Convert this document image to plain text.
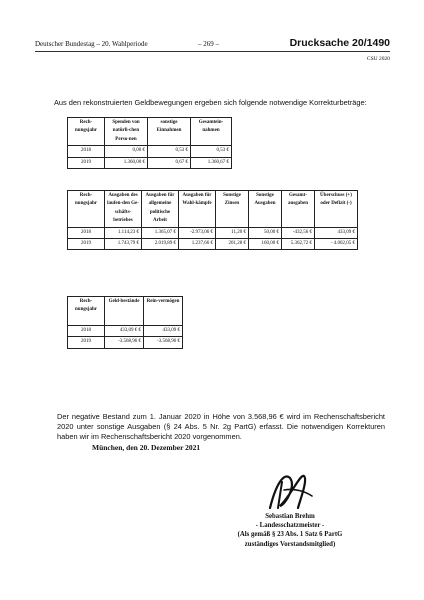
Deutscher Bundestag – 20. Wahlperiode	– 269 –	Drucksache 20/1490
CSU 2020
Aus den rekonstruierten Geldbewegungen ergeben sich folgende notwendige Korrekturbeträge:
Rech-nungsjahr	Spenden von natürli-chen Perso-nen	sonstige Einnahmen	Gesamtein-nahmen
2018	0,00 €	0,53 €	0,53 €
2019	1.360,00 €	0,67 €	1.360,67 €
Rech-nungsjahr	Ausgaben des laufen-den Ge-schäfts-betriebes	Ausgaben für allgemeine politische Arbeit	Ausgaben für Wahl-kämpfe	Sonstige Zinsen	Sonstige Ausgaben	Gesamt-ausgaben	Überschuss (+) oder Defizit (-)
2018	1.114,23 €	1.365,07 €	-2.973,06 €	11,20 €	50,00 €	-432,56 €	433,09 €
2019	1.743,79 €	2.019,89 €	1.237,66 €	201,28 €	160,00 €	5.362,72 €	- 4.002,05 €
Rech-nungsjahr	Geld-bestände	Rein-vermögen
2018	433,09 € €	433,09 €
2019	-3.568,96 €	-3.568,96 €
Der negative Bestand zum 1. Januar 2020 in Höhe von 3.568,96 € wird im Rechenschaftsbericht 2020 unter sonstige Ausgaben (§ 24 Abs. 5 Nr. 2g PartG) erfasst. Die notwendigen Korrekturen haben wir im Rechenschaftsbericht 2020 vorgenommen.
München, den 20. Dezember 2021
Sebastian Brehm
- Landesschatzmeister -
(Als gemäß § 23 Abs. 1 Satz 6 PartG
zuständiges Vorstandsmitglied)
